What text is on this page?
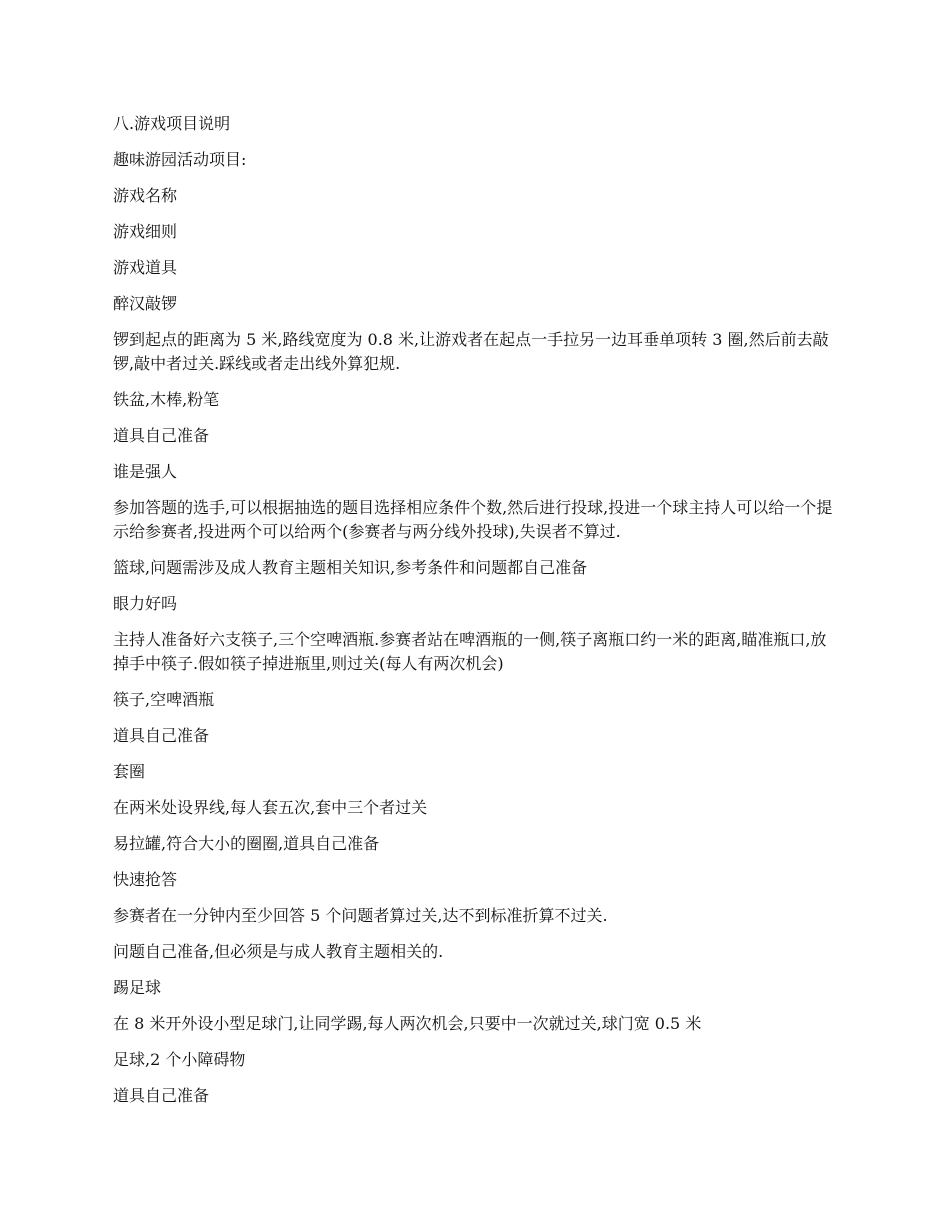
八.游戏项目说明

趣味游园活动项目:

游戏名称

游戏细则

游戏道具

醉汉敲锣

锣到起点的距离为 5 米,路线宽度为 0.8 米,让游戏者在起点一手拉另一边耳垂单项转 3 圈,然后前去敲锣,敲中者过关.踩线或者走出线外算犯规.

铁盆,木棒,粉笔

道具自己准备

谁是强人

参加答题的选手,可以根据抽选的题目选择相应条件个数,然后进行投球,投进一个球主持人可以给一个提示给参赛者,投进两个可以给两个(参赛者与两分线外投球),失误者不算过.

篮球,问题需涉及成人教育主题相关知识,参考条件和问题都自己准备

眼力好吗

主持人准备好六支筷子,三个空啤酒瓶.参赛者站在啤酒瓶的一侧,筷子离瓶口约一米的距离,瞄准瓶口,放掉手中筷子.假如筷子掉进瓶里,则过关(每人有两次机会)

筷子,空啤酒瓶

道具自己准备

套圈

在两米处设界线,每人套五次,套中三个者过关

易拉罐,符合大小的圈圈,道具自己准备

快速抢答

参赛者在一分钟内至少回答 5 个问题者算过关,达不到标准折算不过关.

问题自己准备,但必须是与成人教育主题相关的.

踢足球

在 8 米开外设小型足球门,让同学踢,每人两次机会,只要中一次就过关,球门宽 0.5 米

足球,2 个小障碍物

道具自己准备
